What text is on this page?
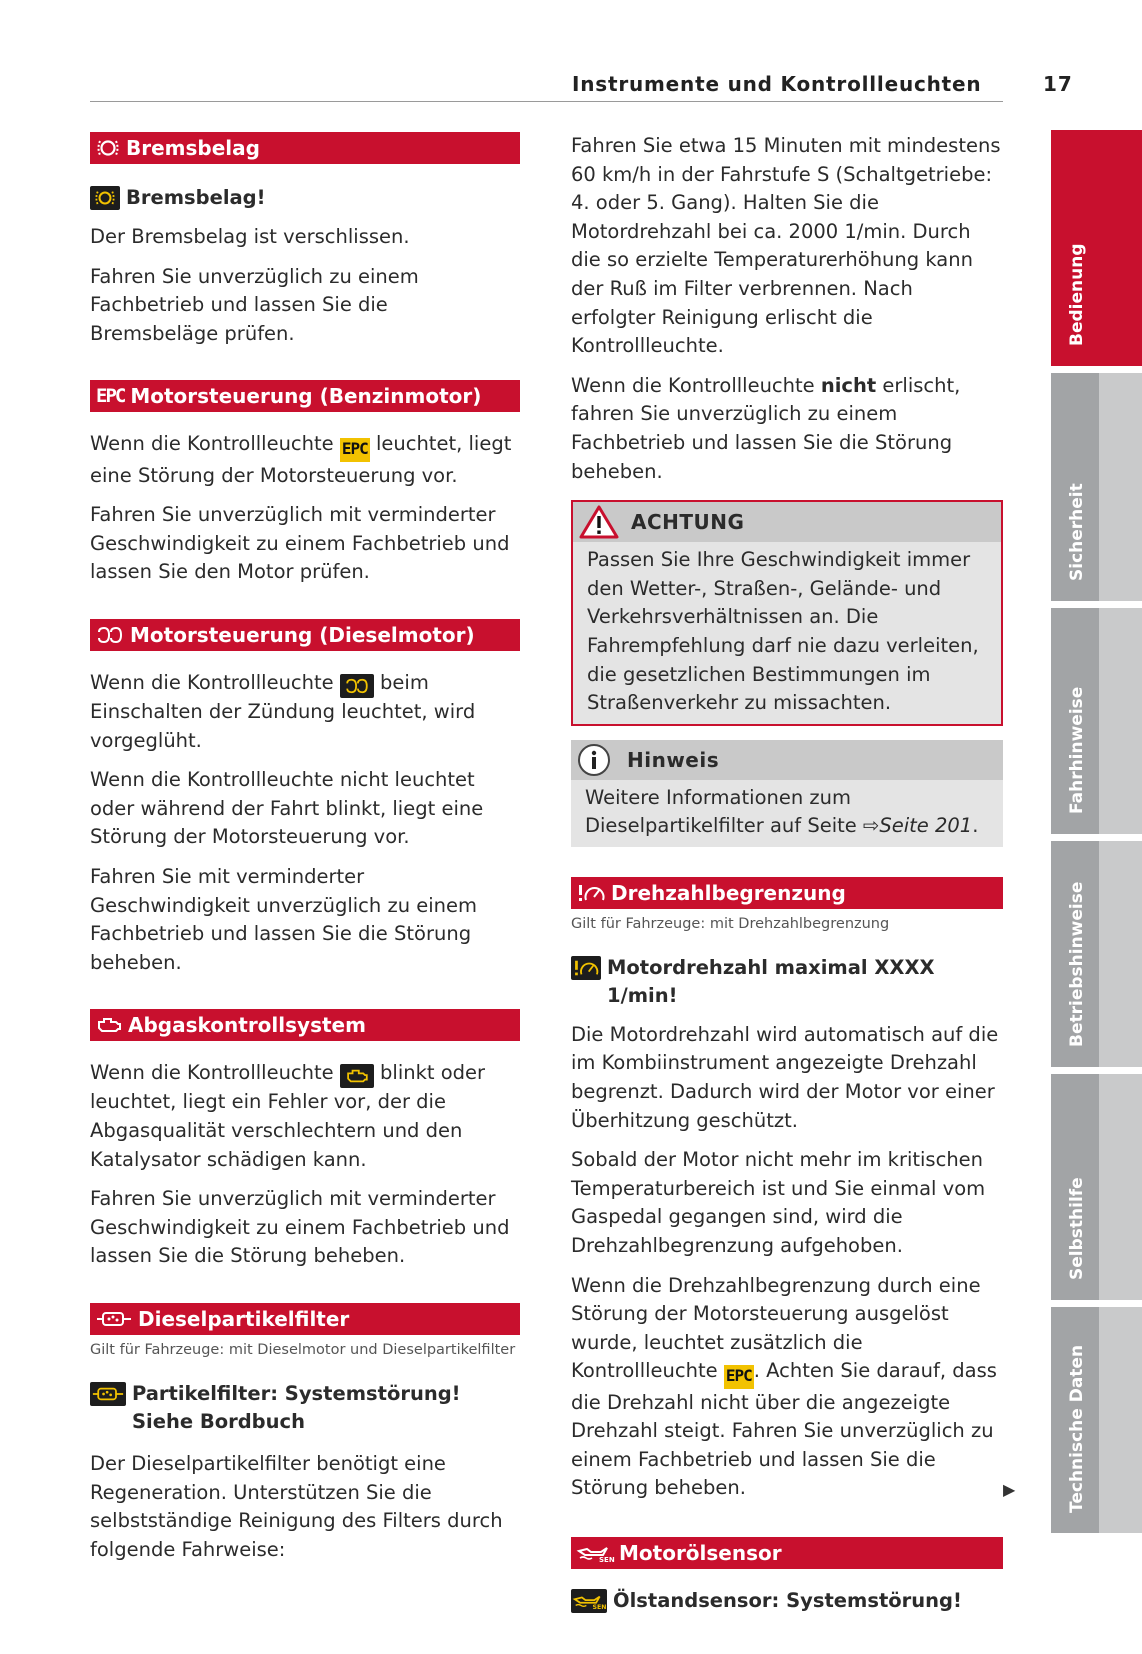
Instrumente und Kontrollleuchten	17
Bremsbelag
Bremsbelag!

Der Bremsbelag ist verschlissen.

Fahren Sie unverzüglich zu einem Fachbetrieb und lassen Sie die Bremsbeläge prüfen.

EPC Motorsteuerung (Benzinmotor)

Wenn die Kontrollleuchte EPC leuchtet, liegt eine Störung der Motorsteuerung vor.

Fahren Sie unverzüglich mit verminderter Geschwindigkeit zu einem Fachbetrieb und lassen Sie den Motor prüfen.

Motorsteuerung (Dieselmotor)

Wenn die Kontrollleuchte
beim Einschalten der Zündung leuchtet, wird vorgeglüht.

Wenn die Kontrollleuchte nicht leuchtet oder während der Fahrt blinkt, liegt eine Störung der Motorsteuerung vor.

Fahren Sie mit verminderter Geschwindigkeit unverzüglich zu einem Fachbetrieb und lassen Sie die Störung beheben.

Abgaskontrollsystem

Wenn die Kontrollleuchte
blinkt oder leuchtet, liegt ein Fehler vor, der die Abgasqualität verschlechtern und den Katalysator schädigen kann.

Fahren Sie unverzüglich mit verminderter Geschwindigkeit zu einem Fachbetrieb und lassen Sie die Störung beheben.

Dieselpartikelfilter
Gilt für Fahrzeuge: mit Dieselmotor und Dieselpartikelfilter
Partikelfilter: Systemstörung! Siehe Bordbuch

Der Dieselpartikelfilter benötigt eine Regeneration. Unterstützen Sie die selbstständige Reinigung des Filters durch folgende Fahrweise:

Fahren Sie etwa 15 Minuten mit mindestens 60 km/h in der Fahrstufe S (Schaltgetriebe: 4. oder 5. Gang). Halten Sie die Motordrehzahl bei ca. 2000 1/min. Durch die so erzielte Temperaturerhöhung kann der Ruß im Filter verbrennen. Nach erfolgter Reinigung erlischt die Kontrollleuchte.

Wenn die Kontrollleuchte nicht erlischt, fahren Sie unverzüglich zu einem Fachbetrieb und lassen Sie die Störung beheben.

ACHTUNG
Passen Sie Ihre Geschwindigkeit immer den Wetter-, Straßen-, Gelände- und Verkehrsverhältnissen an. Die Fahrempfehlung darf nie dazu verleiten, die gesetzlichen Bestimmungen im Straßenverkehr zu missachten.
Hinweis
Weitere Informationen zum Dieselpartikelfilter auf Seite ⇨Seite 201.
Drehzahlbegrenzung
Gilt für Fahrzeuge: mit Drehzahlbegrenzung
Motordrehzahl maximal XXXX 1/min!

Die Motordrehzahl wird automatisch auf die im Kombiinstrument angezeigte Drehzahl begrenzt. Dadurch wird der Motor vor einer Überhitzung geschützt.

Sobald der Motor nicht mehr im kritischen Temperaturbereich ist und Sie einmal vom Gaspedal gegangen sind, wird die Drehzahlbegrenzung aufgehoben.

Wenn die Drehzahlbegrenzung durch eine Störung der Motorsteuerung ausgelöst wurde, leuchtet zusätzlich die Kontrollleuchte EPC . Achten Sie darauf, dass die Drehzahl nicht über die angezeigte Drehzahl steigt. Fahren Sie unverzüglich zu einem Fachbetrieb und lassen Sie die Störung beheben.

SEN Motorölsensor
SEN Ölstandsensor: Systemstörung!
▶
Bedienung
Sicherheit
Fahrhinweise
Betriebshinweise
Selbsthilfe
Technische Daten
